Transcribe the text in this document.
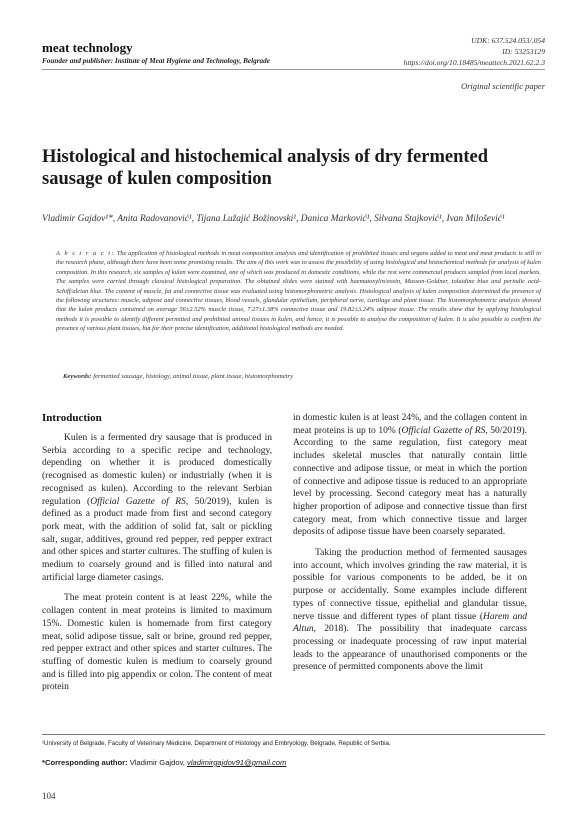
meat technology
Founder and publisher: Institute of Meat Hygiene and Technology, Belgrade
UDK: 637.524.053/.054
ID: 53253129
https://doi.org/10.18485/meattech.2021.62.2.3
Original scientific paper
Histological and histochemical analysis of dry fermented sausage of kulen composition
Vladimir Gajdov¹*, Anita Radovanović¹, Tijana Lužajić Božinovski¹, Danica Marković¹, Silvana Stajković¹, Ivan Milošević¹
A b s t r a c t: The application of histological methods in meat composition analysis and identification of prohibited tissues and organs added to meat and meat products is still in the research phase, although there have been some promising results. The aim of this work was to assess the possibility of using histological and histochemical methods for analysis of kulen composition. In this research, six samples of kulen were examined, one of which was produced in domestic conditions, while the rest were commercial products sampled from local markets. The samples were carried through classical histological preparation. The obtained slides were stained with haematoxylin/eosin, Masson-Goldner, toluidine blue and periodic acid-Schiff/alcian blue. The content of muscle, fat and connective tissue was evaluated using histomorphometric analysis. Histological analysis of kulen composition determined the presence of the following structures: muscle, adipose and connective tissues, blood vessels, glandular epithelium, peripheral nerve, cartilage and plant tissue. The histomorphometric analysis showed that the kulen products contained on average 56±2.52% muscle tissue, 7.27±1.38% connective tissue and 19.82±3.24% adipose tissue. The results show that by applying histological methods it is possible to identify different permitted and prohibited animal tissues in kulen, and hence, it is possible to analyse the composition of kulen. It is also possible to confirm the presence of various plant tissues, but for their precise identification, additional histological methods are needed.
Keywords: fermented sausage, histology, animal tissue, plant tissue, histomorphometry
Introduction

Kulen is a fermented dry sausage that is produced in Serbia according to a specific recipe and technology, depending on whether it is produced domestically (recognised as domestic kulen) or industrially (when it is recognised as kulen). According to the relevant Serbian regulation (Official Gazette of RS, 50/2019), kulen is defined as a product made from first and second category pork meat, with the addition of solid fat, salt or pickling salt, sugar, additives, ground red pepper, red pepper extract and other spices and starter cultures. The stuffing of kulen is medium to coarsely ground and is filled into natural and artificial large diameter casings.

The meat protein content is at least 22%, while the collagen content in meat proteins is limited to maximum 15%. Domestic kulen is homemade from first category meat, solid adipose tissue, salt or brine, ground red pepper, red pepper extract and other spices and starter cultures. The stuffing of domestic kulen is medium to coarsely ground and is filled into pig appendix or colon. The content of meat protein

in domestic kulen is at least 24%, and the collagen content in meat proteins is up to 10% (Official Gazette of RS, 50/2019). According to the same regulation, first category meat includes skeletal muscles that naturally contain little connective and adipose tissue, or meat in which the portion of connective and adipose tissue is reduced to an appropriate level by processing. Second category meat has a naturally higher proportion of adipose and connective tissue than first category meat, from which connective tissue and larger deposits of adipose tissue have been coarsely separated.

Taking the production method of fermented sausages into account, which involves grinding the raw material, it is possible for various components to be added, be it on purpose or accidentally. Some examples include different types of connective tissue, epithelial and glandular tissue, nerve tissue and different types of plant tissue (Harem and Altun, 2018). The possibility that inadequate carcass processing or inadequate processing of raw input material leads to the appearance of unauthorised components or the presence of permitted components above the limit

¹University of Belgrade, Faculty of Veterinary Medicine, Department of Histology and Embryology, Belgrade, Republic of Serbia.
*Corresponding author: Vladimir Gajdov, vladimirgajdov91@gmail.com
104
